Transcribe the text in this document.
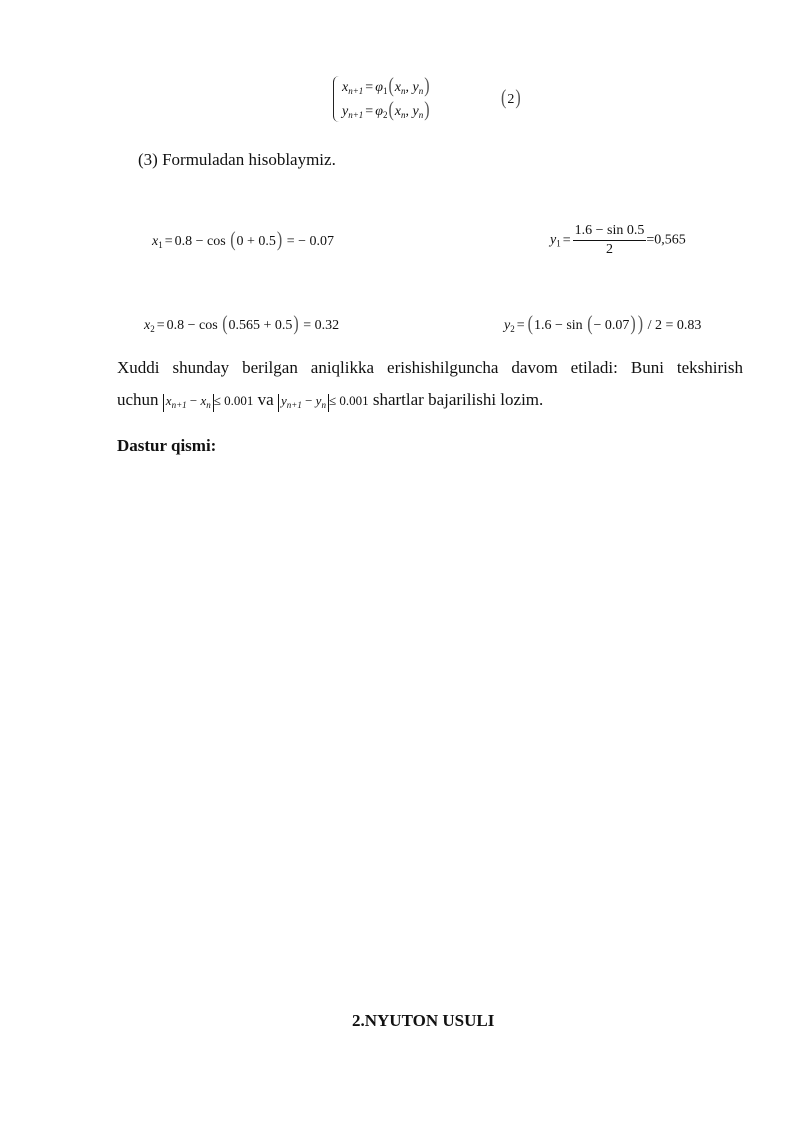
$x_{n+1} = \varphi_1(x_n$, $y_n$)
$y_{n+1} = \varphi_2(x_n$, $y_n$)
(2)
(3) Formuladan hisoblaymiz.
$x_1 = 0.8 - \cos (0 + 0.5)$ = − 0.07	$y_1 = \frac{1.6 - \sin 0.5}{2} =0,565$
$x_2 = 0.8 - \cos (0.565 + 0.5) = 0.32$	$y_2 = (1.6 - \sin$ (− 0.07) ) / 2 = 0.83
Xuddi shunday berilgan aniqlikka erishishilguncha davom etiladi: Buni tekshirish
uchun $x_{n+1} - x_n \le 0.001$ va $y_{n+1} - y_n \le 0.001$ shartlar bajarilishi lozim.
Dastur qismi:
2.NYUTON USULI
